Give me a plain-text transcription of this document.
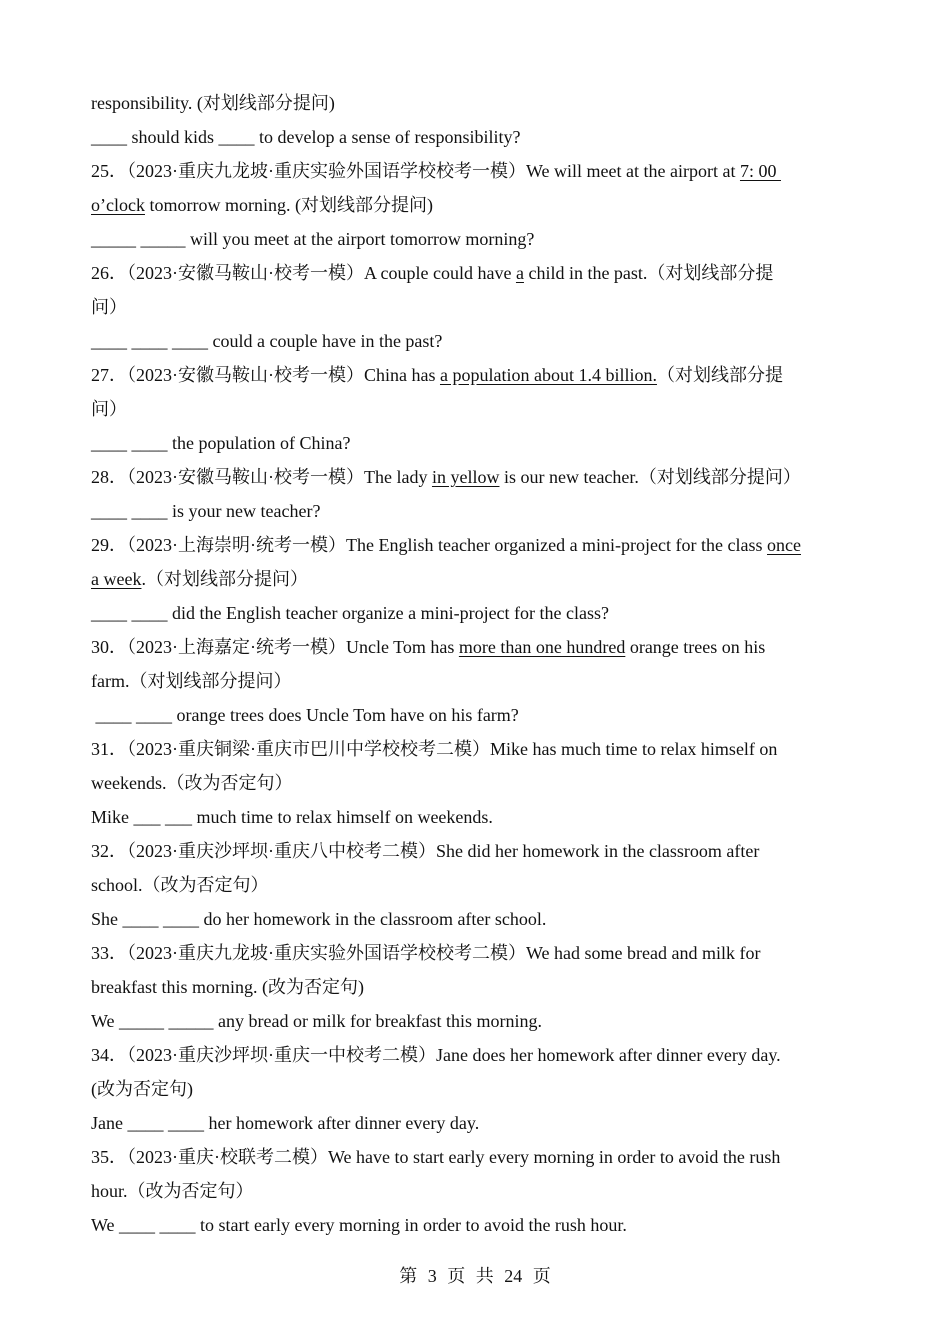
responsibility. (对划线部分提问)
____ should kids ____ to develop a sense of responsibility?
25．（2023·重庆九龙坡·重庆实验外国语学校校考一模）We will meet at the airport at 7: 00
o’clock tomorrow morning. (对划线部分提问)
_____ _____ will you meet at the airport tomorrow morning?
26．（2023·安徽马鞍山·校考一模）A couple could have a child in the past.（对划线部分提
问）
____ ____ ____ could a couple have in the past?
27．（2023·安徽马鞍山·校考一模）China has a population about 1.4 billion.（对划线部分提
问）
____ ____ the population of China?
28．（2023·安徽马鞍山·校考一模）The lady in yellow is our new teacher.（对划线部分提问）
____ ____ is your new teacher?
29．（2023·上海崇明·统考一模）The English teacher organized a mini-project for the class once
a week.（对划线部分提问）
____ ____ did the English teacher organize a mini-project for the class?
30．（2023·上海嘉定·统考一模）Uncle Tom has more than one hundred orange trees on his
farm.（对划线部分提问）
____ ____ orange trees does Uncle Tom have on his farm?
31．（2023·重庆铜梁·重庆市巴川中学校校考二模）Mike has much time to relax himself on
weekends.（改为否定句）
Mike ___ ___ much time to relax himself on weekends.
32．（2023·重庆沙坪坝·重庆八中校考二模）She did her homework in the classroom after
school.（改为否定句）
She ____ ____ do her homework in the classroom after school.
33．（2023·重庆九龙坡·重庆实验外国语学校校考二模）We had some bread and milk for
breakfast this morning. (改为否定句)
We _____ _____ any bread or milk for breakfast this morning.
34．（2023·重庆沙坪坝·重庆一中校考二模）Jane does her homework after dinner every day.
(改为否定句)
Jane ____ ____ her homework after dinner every day.
35．（2023·重庆·校联考二模）We have to start early every morning in order to avoid the rush
hour.（改为否定句）
We ____ ____ to start early every morning in order to avoid the rush hour.
第 3 页 共 24 页
